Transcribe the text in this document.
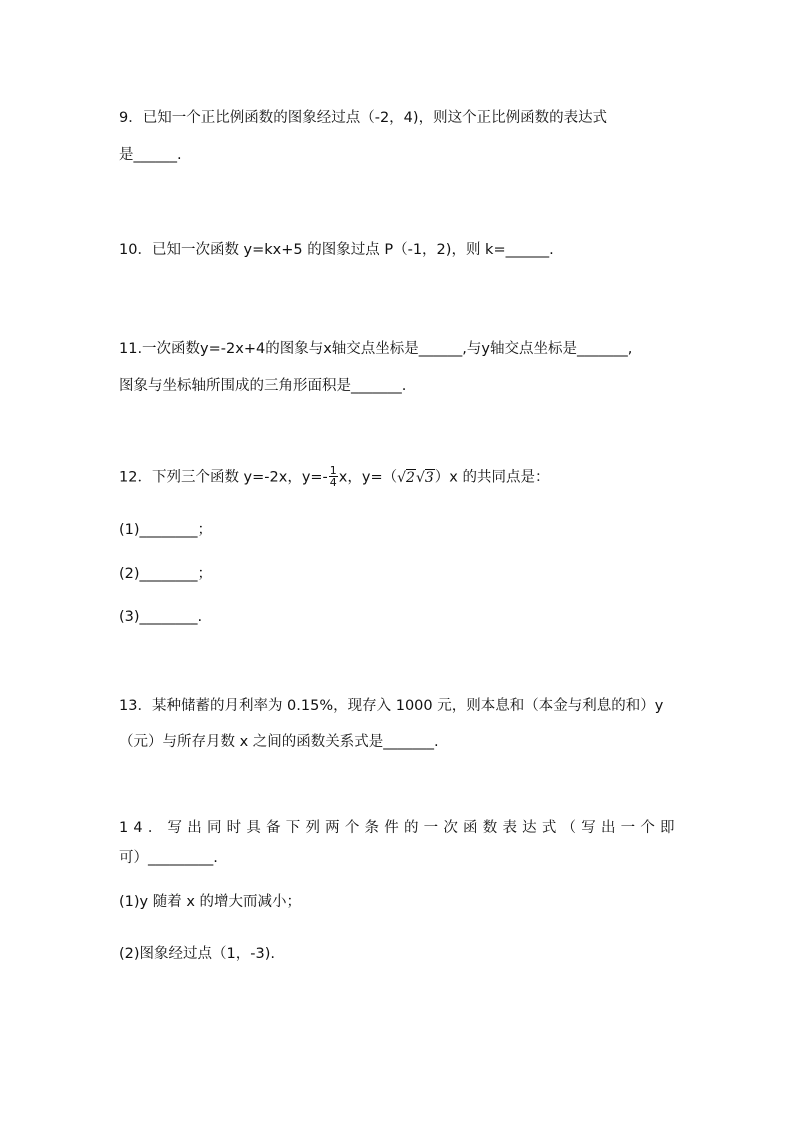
9．已知一个正比例函数的图象经过点（-2，4)，则这个正比例函数的表达式
是______.
10．已知一次函数 y=kx+5 的图象过点 P（-1，2)，则 k=______.
11.一次函数y=-2x+4的图象与x轴交点坐标是______,与y轴交点坐标是_______,
图象与坐标轴所围成的三角形面积是_______.
12．下列三个函数 y=-2x，$y=- \frac{1}{4}$ x，y=（√2√3）x 的共同点是：
(1)________；
(2)________；
(3)________.
13．某种储蓄的月利率为 0.15%，现存入 1000 元，则本息和（本金与利息的和）y
（元）与所存月数 x 之间的函数关系式是_______.
14．写出同时具备下列两个条件的一次函数表达式（写出一个即
可）_________.
(1)y 随着 x 的增大而减小；
(2)图象经过点（1，-3).
